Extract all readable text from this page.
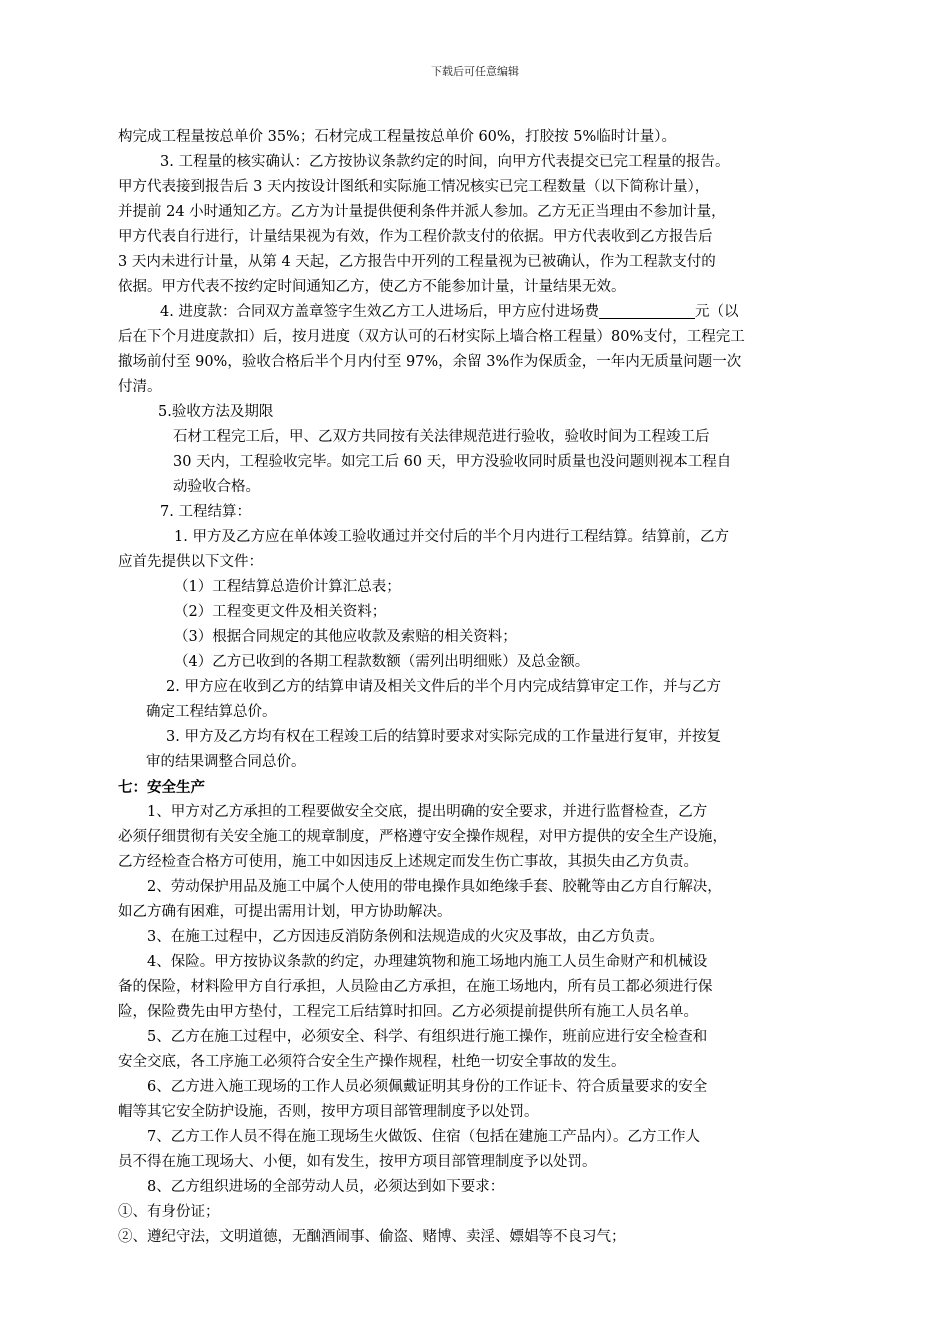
下载后可任意编辑
构完成工程量按总单价 35%；石材完成工程量按总单价 60%，打胶按 5%临时计量）。
3. 工程量的核实确认：乙方按协议条款约定的时间，向甲方代表提交已完工程量的报告。
甲方代表接到报告后 3 天内按设计图纸和实际施工情况核实已完工程数量（以下简称计量），
并提前 24 小时通知乙方。乙方为计量提供便利条件并派人参加。乙方无正当理由不参加计量，
甲方代表自行进行，计量结果视为有效，作为工程价款支付的依据。甲方代表收到乙方报告后
3 天内未进行计量，从第 4 天起，乙方报告中开列的工程量视为已被确认，作为工程款支付的
依据。甲方代表不按约定时间通知乙方，使乙方不能参加计量，计量结果无效。
4. 进度款：合同双方盖章签字生效乙方工人进场后，甲方应付进场费	元（以
后在下个月进度款扣）后，按月进度（双方认可的石材实际上墙合格工程量）80%支付，工程完工
撤场前付至 90%，验收合格后半个月内付至 97%，余留 3%作为保质金，一年内无质量问题一次
付清。
5.验收方法及期限
石材工程完工后，甲、乙双方共同按有关法律规范进行验收，验收时间为工程竣工后
30 天内，工程验收完毕。如完工后 60 天，甲方没验收同时质量也没问题则视本工程自
动验收合格。
7. 工程结算：
1. 甲方及乙方应在单体竣工验收通过并交付后的半个月内进行工程结算。结算前，乙方
应首先提供以下文件：
（1）工程结算总造价计算汇总表；
（2）工程变更文件及相关资料；
（3）根据合同规定的其他应收款及索赔的相关资料；
（4）乙方已收到的各期工程款数额（需列出明细账）及总金额。
2. 甲方应在收到乙方的结算申请及相关文件后的半个月内完成结算审定工作，并与乙方
确定工程结算总价。
3. 甲方及乙方均有权在工程竣工后的结算时要求对实际完成的工作量进行复审，并按复
审的结果调整合同总价。
七：安全生产
1、甲方对乙方承担的工程要做安全交底，提出明确的安全要求，并进行监督检查，乙方
必须仔细贯彻有关安全施工的规章制度，严格遵守安全操作规程，对甲方提供的安全生产设施，
乙方经检查合格方可使用，施工中如因违反上述规定而发生伤亡事故，其损失由乙方负责。
2、劳动保护用品及施工中属个人使用的带电操作具如绝缘手套、胶靴等由乙方自行解决，
如乙方确有困难，可提出需用计划，甲方协助解决。
3、在施工过程中，乙方因违反消防条例和法规造成的火灾及事故，由乙方负责。
4、保险。甲方按协议条款的约定，办理建筑物和施工场地内施工人员生命财产和机械设
备的保险，材料险甲方自行承担，人员险由乙方承担，在施工场地内，所有员工都必须进行保
险，保险费先由甲方垫付，工程完工后结算时扣回。乙方必须提前提供所有施工人员名单。
5、乙方在施工过程中，必须安全、科学、有组织进行施工操作，班前应进行安全检查和
安全交底，各工序施工必须符合安全生产操作规程，杜绝一切安全事故的发生。
6、乙方进入施工现场的工作人员必须佩戴证明其身份的工作证卡、符合质量要求的安全
帽等其它安全防护设施，否则，按甲方项目部管理制度予以处罚。
7、乙方工作人员不得在施工现场生火做饭、住宿（包括在建施工产品内）。乙方工作人
员不得在施工现场大、小便，如有发生，按甲方项目部管理制度予以处罚。
8、乙方组织进场的全部劳动人员，必须达到如下要求：
①、有身份证；
②、遵纪守法，文明道德，无酗酒闹事、偷盗、赌博、卖淫、嫖娼等不良习气；
